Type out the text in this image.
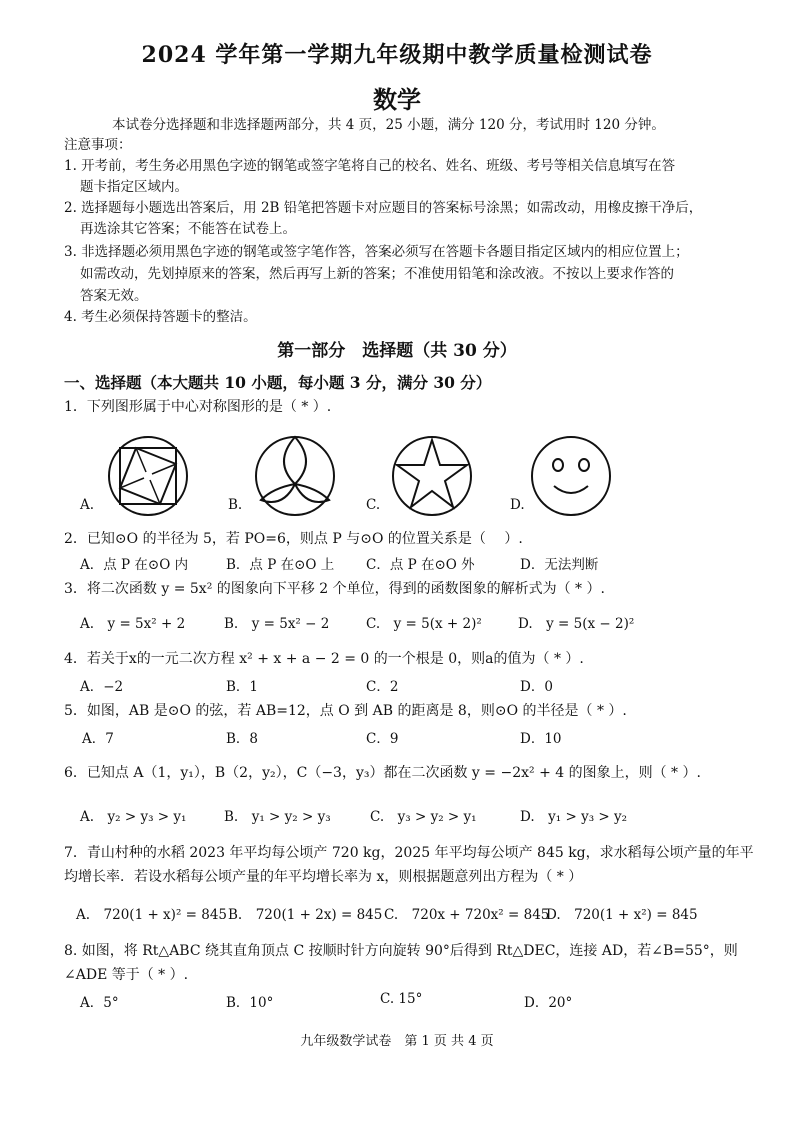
2024 学年第一学期九年级期中教学质量检测试卷
数学
本试卷分选择题和非选择题两部分，共 4 页，25 小题，满分 120 分，考试用时 120 分钟。
注意事项：
1. 开考前，考生务必用黑色字迹的钢笔或签字笔将自己的校名、姓名、班级、考号等相关信息填写在答
题卡指定区域内。
2. 选择题每小题选出答案后，用 2B 铅笔把答题卡对应题目的答案标号涂黑；如需改动，用橡皮擦干净后，
再选涂其它答案；不能答在试卷上。
3. 非选择题必须用黑色字迹的钢笔或签字笔作答，答案必须写在答题卡各题目指定区域内的相应位置上；
如需改动，先划掉原来的答案，然后再写上新的答案；不准使用铅笔和涂改液。不按以上要求作答的
答案无效。
4. 考生必须保持答题卡的整洁。
第一部分　选择题（共 30 分）
一、选择题（本大题共 10 小题，每小题 3 分，满分 30 分）
1．下列图形属于中心对称图形的是（ * ）.
A.	B.	C.	D.
2．已知⊙O 的半径为 5，若 PO=6，则点 P 与⊙O 的位置关系是（　 ）.
A．点 P 在⊙O 内	B．点 P 在⊙O 上 C．点 P 在⊙O 外	D．无法判断
3．将二次函数 y = 5x² 的图象向下平移 2 个单位，得到的函数图象的解析式为（ * ）.
A.　y = 5x² + 2	B.　y = 5x² − 2	C.　y = 5(x + 2)²	D.　y = 5(x − 2)²
4．若关于x的一元二次方程 x² + x + a − 2 = 0 的一个根是 0，则a的值为（ * ）.
A．−2	B．1	C．2	D．0
5．如图，AB 是⊙O 的弦，若 AB=12，点 O 到 AB 的距离是 8，则⊙O 的半径是（ * ）.
A．7	B．8	C．9	D．10
6．已知点 A（1，y₁），B（2，y₂），C（−3，y₃）都在二次函数 y = −2x² + 4 的图象上，则（ * ）.
A.　y₂ > y₃ > y₁	B.　y₁ > y₂ > y₃	C.　y₃ > y₂ > y₁	D.　y₁ > y₃ > y₂
7．青山村种的水稻 2023 年平均每公顷产 720 kg，2025 年平均每公顷产 845 kg，求水稻每公顷产量的年平
均增长率．若设水稻每公顷产量的年平均增长率为 x，则根据题意列出方程为（ * ）
A.　720(1 + x)² = 845 B.　720(1 + 2x) = 845 C.　720x + 720x² = 845
D.　720(1 + x²) = 845
8. 如图，将 Rt△ABC 绕其直角顶点 C 按顺时针方向旋转 90°后得到 Rt△DEC，连接 AD，若∠B=55°，则
∠ADE 等于（ * ）.
A．5°	B．10°	C. 15°	D．20°
九年级数学试卷　第 1 页 共 4 页
